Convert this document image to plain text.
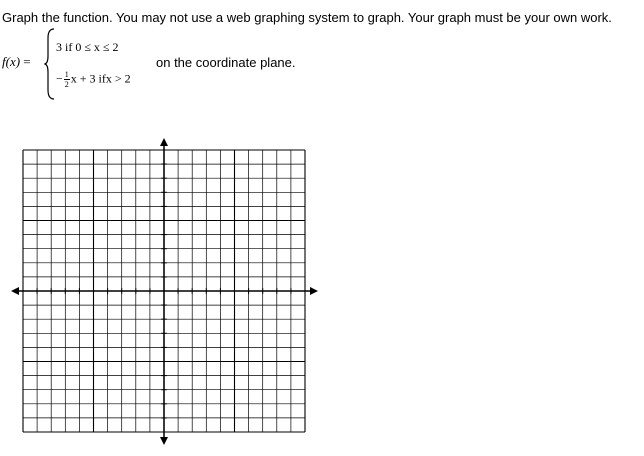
Graph the function. You may not use a web graphing system to graph. Your graph must be your own work.
f(x) =
3 if 0 ≤ x ≤ 2
− $\frac{1}{2}$ x + 3 ifx > 2
on the coordinate plane.
